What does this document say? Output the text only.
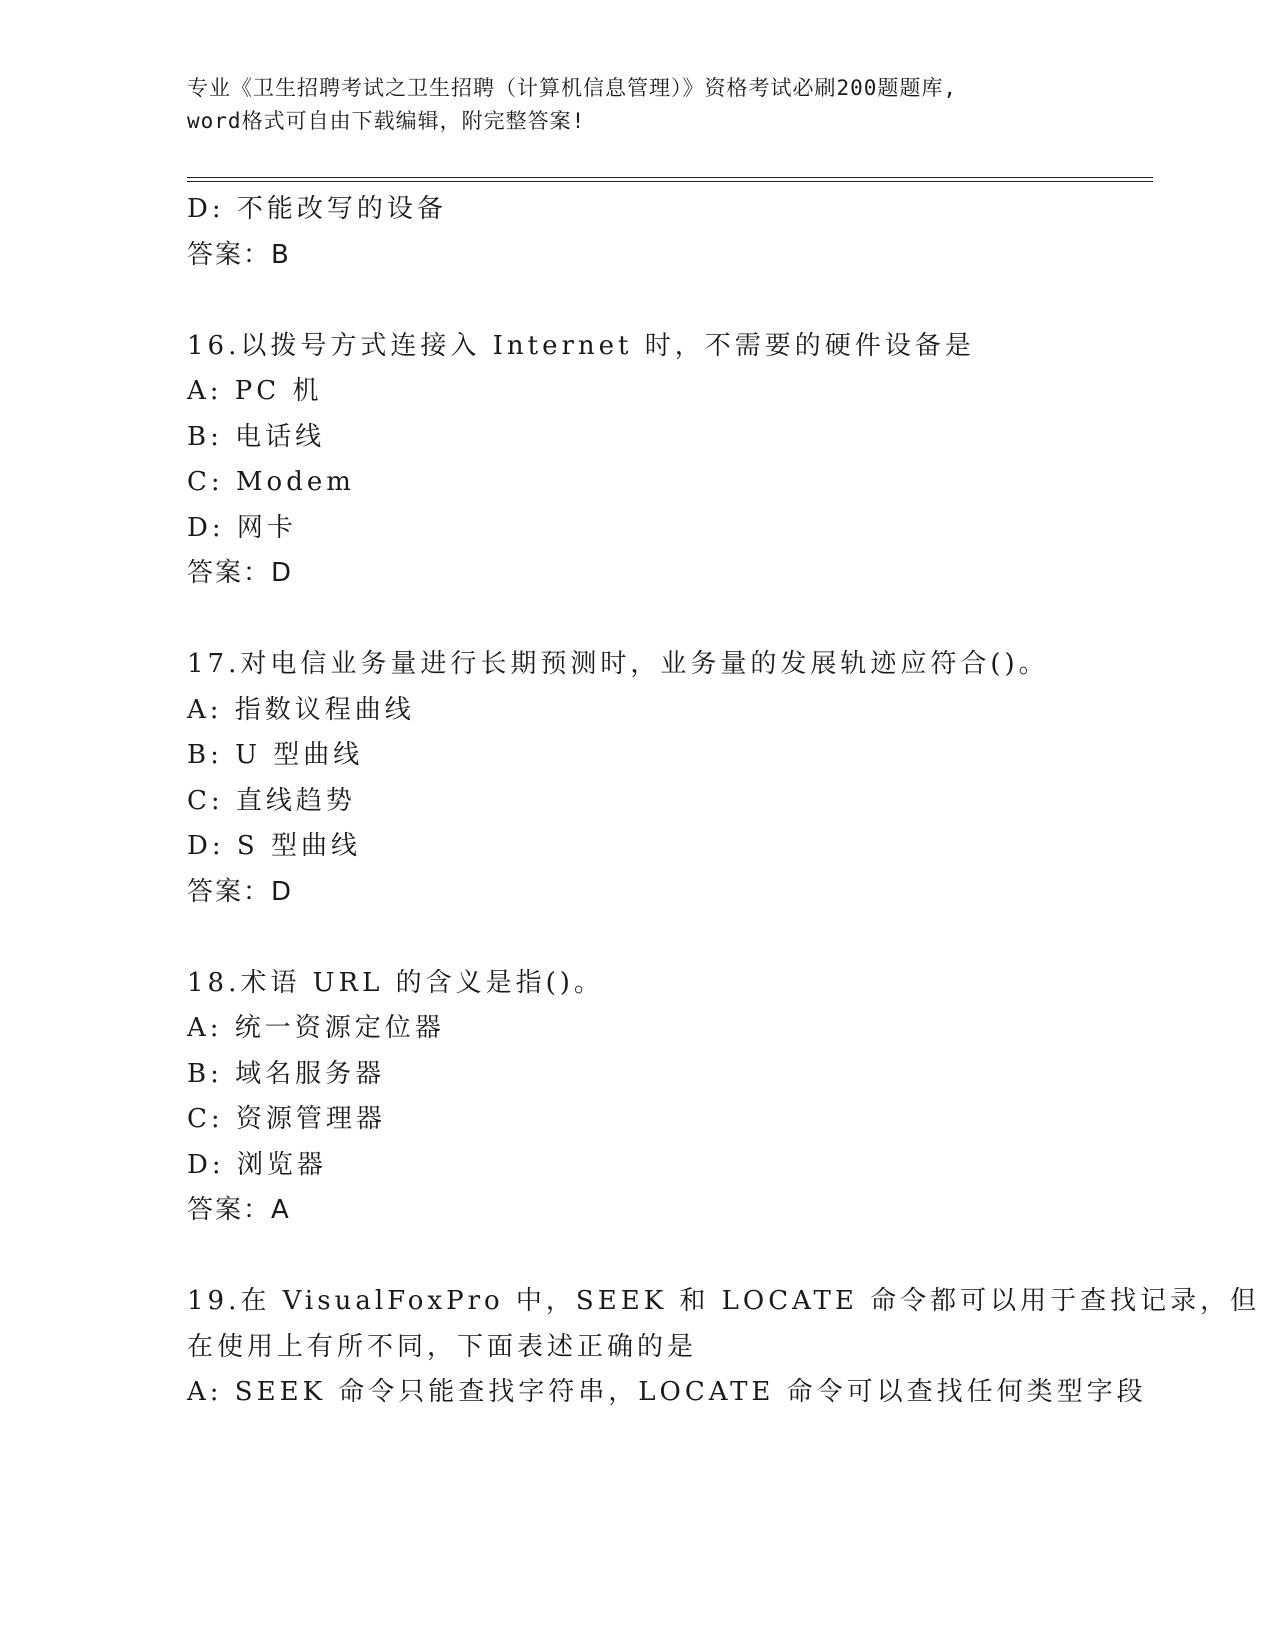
专业《卫生招聘考试之卫生招聘（计算机信息管理）》资格考试必刷200题题库,
word格式可自由下载编辑，附完整答案!
D: 不能改写的设备
答案：B
16.以拨号方式连接入 Internet 时，不需要的硬件设备是
A: PC 机
B: 电话线
C: Modem
D: 网卡
答案：D
17.对电信业务量进行长期预测时，业务量的发展轨迹应符合()。
A: 指数议程曲线
B: U 型曲线
C: 直线趋势
D: S 型曲线
答案：D
18.术语 URL 的含义是指()。
A: 统一资源定位器
B: 域名服务器
C: 资源管理器
D: 浏览器
答案：A
19.在 VisualFoxPro 中，SEEK 和 LOCATE 命令都可以用于查找记录，但
在使用上有所不同，下面表述正确的是
A: SEEK 命令只能查找字符串，LOCATE 命令可以查找任何类型字段
